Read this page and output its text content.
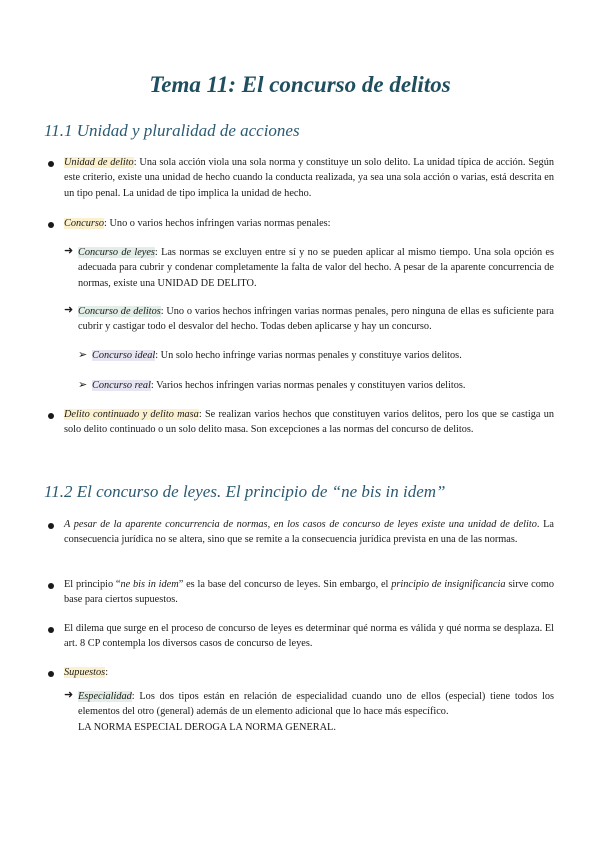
Tema 11: El concurso de delitos
11.1 Unidad y pluralidad de acciones

Unidad de delito: Una sola acción viola una sola norma y constituye un solo delito. La unidad típica de acción. Según este criterio, existe una unidad de hecho cuando la conducta realizada, ya sea una sola acción o varias, está descrita en un tipo penal. La unidad de tipo implica la unidad de hecho.

Concurso: Uno o varios hechos infringen varias normas penales:

➜ Concurso de leyes: Las normas se excluyen entre sí y no se pueden aplicar al mismo tiempo. Una sola opción es adecuada para cubrir y condenar completamente la falta de valor del hecho. A pesar de la aparente concurrencia de normas, existe una UNIDAD DE DELITO.

➜ Concurso de delitos: Uno o varios hechos infringen varias normas penales, pero ninguna de ellas es suficiente para cubrir y castigar todo el desvalor del hecho. Todas deben aplicarse y hay un concurso.

➢ Concurso ideal: Un solo hecho infringe varias normas penales y constituye varios delitos.

➢ Concurso real: Varios hechos infringen varias normas penales y constituyen varios delitos.

Delito continuado y delito masa: Se realizan varios hechos que constituyen varios delitos, pero los que se castiga un solo delito continuado o un solo delito masa. Son excepciones a las normas del concurso de delitos.

11.2 El concurso de leyes. El principio de “ne bis in idem”

A pesar de la aparente concurrencia de normas, en los casos de concurso de leyes existe una unidad de delito. La consecuencia jurídica no se altera, sino que se remite a la consecuencia jurídica prevista en una de las normas.

El principio “ne bis in idem” es la base del concurso de leyes. Sin embargo, el principio de insignificancia sirve como base para ciertos supuestos.

El dilema que surge en el proceso de concurso de leyes es determinar qué norma es válida y qué norma se desplaza. El art. 8 CP contempla los diversos casos de concurso de leyes.

Supuestos:

➜ Especialidad: Los dos tipos están en relación de especialidad cuando uno de ellos (especial) tiene todos los elementos del otro (general) además de un elemento adicional que lo hace más específico.
LA NORMA ESPECIAL DEROGA LA NORMA GENERAL.
